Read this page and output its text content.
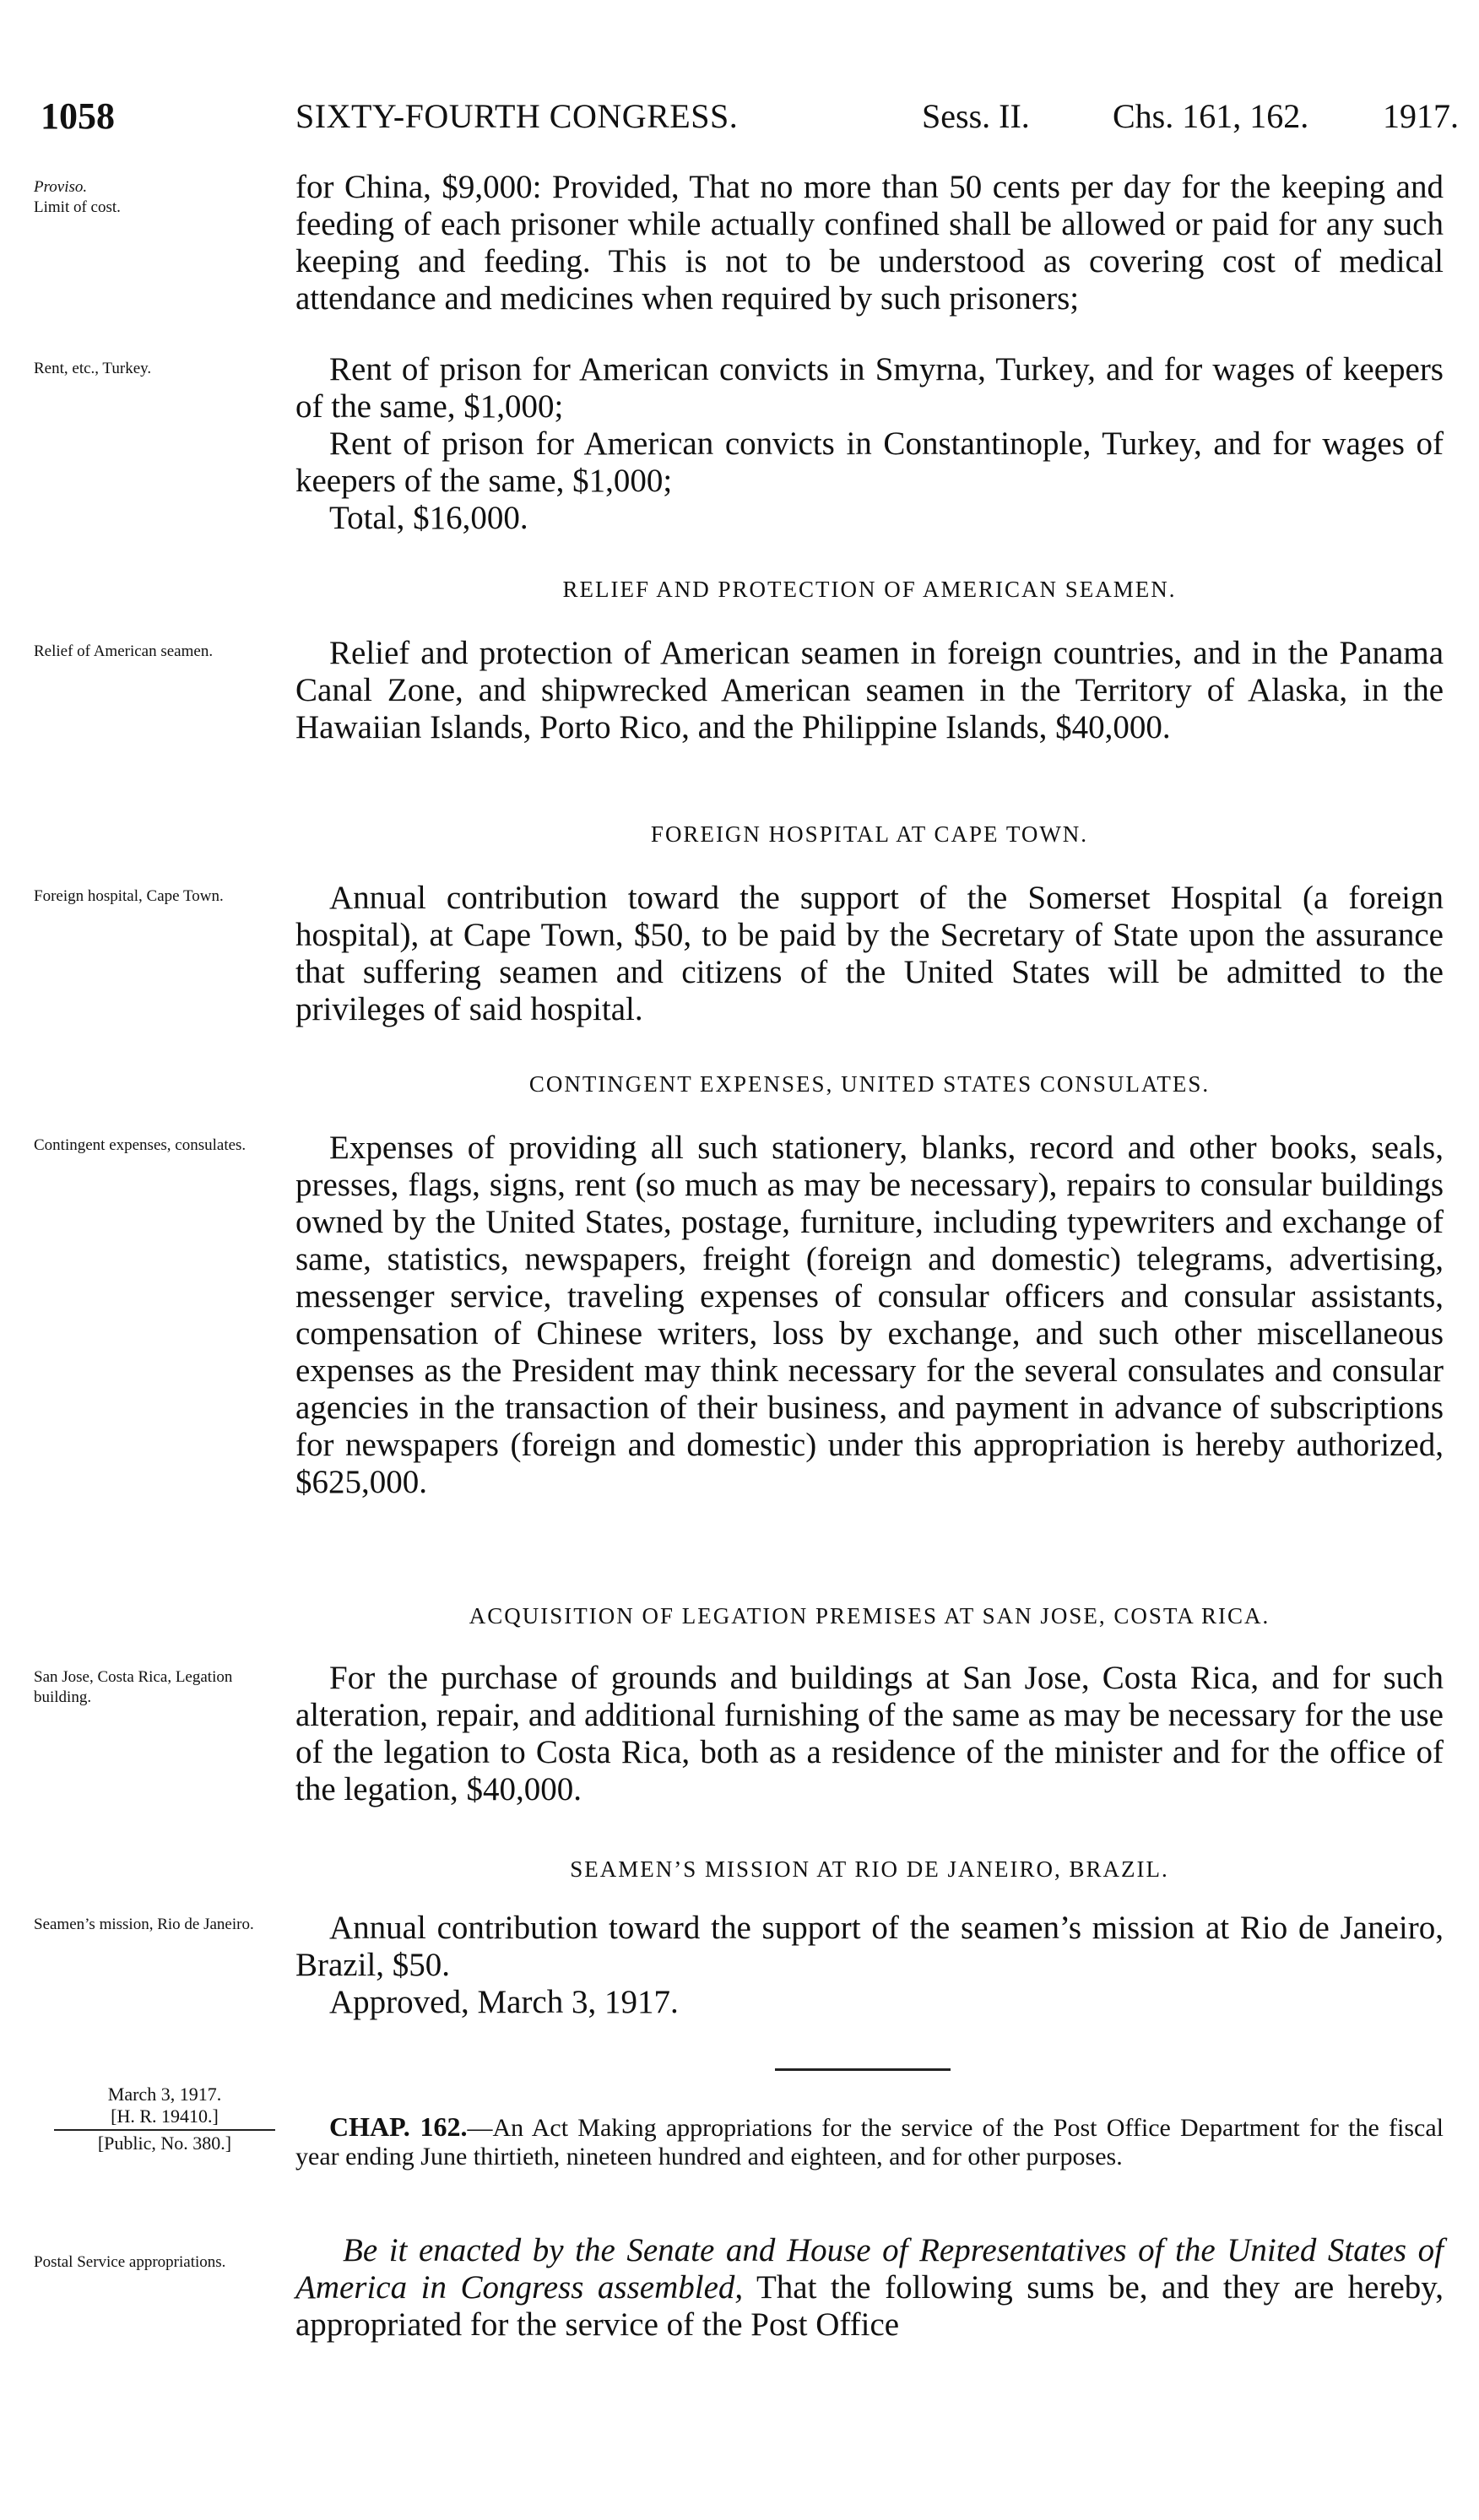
1058	SIXTY-FOURTH CONGRESS.	Sess. II. Chs. 161, 162. 1917.
Proviso.
Limit of cost.

for China, $9,000: Provided, That no more than 50 cents per day for the keeping and feeding of each prisoner while actually confined shall be allowed or paid for any such keeping and feeding. This is not to be understood as covering cost of medical attendance and medicines when required by such prisoners;

Rent, etc., Turkey.	Rent of prison for American convicts in Smyrna, Turkey, and for wages of keepers of the same, $1,000;

Rent of prison for American convicts in Constantinople, Turkey, and for wages of keepers of the same, $1,000;

Total, $16,000.

RELIEF AND PROTECTION OF AMERICAN SEAMEN.
Relief of American seamen.	Relief and protection of American seamen in foreign countries, and in the Panama Canal Zone, and shipwrecked American seamen in the Territory of Alaska, in the Hawaiian Islands, Porto Rico, and the Philippine Islands, $40,000.

FOREIGN HOSPITAL AT CAPE TOWN.
Foreign hospital, Cape Town.	Annual contribution toward the support of the Somerset Hospital (a foreign hospital), at Cape Town, $50, to be paid by the Secretary of State upon the assurance that suffering seamen and citizens of the United States will be admitted to the privileges of said hospital.

CONTINGENT EXPENSES, UNITED STATES CONSULATES.
Contingent expenses, consulates.	Expenses of providing all such stationery, blanks, record and other books, seals, presses, flags, signs, rent (so much as may be necessary), repairs to consular buildings owned by the United States, postage, furniture, including typewriters and exchange of same, statistics, newspapers, freight (foreign and domestic) telegrams, advertising, messenger service, traveling expenses of consular officers and consular assistants, compensation of Chinese writers, loss by exchange, and such other miscellaneous expenses as the President may think necessary for the several consulates and consular agencies in the transaction of their business, and payment in advance of subscriptions for newspapers (foreign and domestic) under this appropriation is hereby authorized, $625,000.

ACQUISITION OF LEGATION PREMISES AT SAN JOSE, COSTA RICA.
San Jose, Costa Rica, Legation building.

For the purchase of grounds and buildings at San Jose, Costa Rica, and for such alteration, repair, and additional furnishing of the same as may be necessary for the use of the legation to Costa Rica, both as a residence of the minister and for the office of the legation, $40,000.

SEAMEN’S MISSION AT RIO DE JANEIRO, BRAZIL.
Seamen’s mission, Rio de Janeiro.	Annual contribution toward the support of the seamen’s mission at Rio de Janeiro, Brazil, $50.

Approved, March 3, 1917.

March 3, 1917.
[H. R. 19410.]
[Public, No. 380.]
CHAP. 162.—An Act Making appropriations for the service of the Post Office Department for the fiscal year ending June thirtieth, nineteen hundred and eighteen, and for other purposes.
Postal Service appropriations.	Be it enacted by the Senate and House of Representatives of the United States of America in Congress assembled, That the following sums be, and they are hereby, appropriated for the service of the Post Office
